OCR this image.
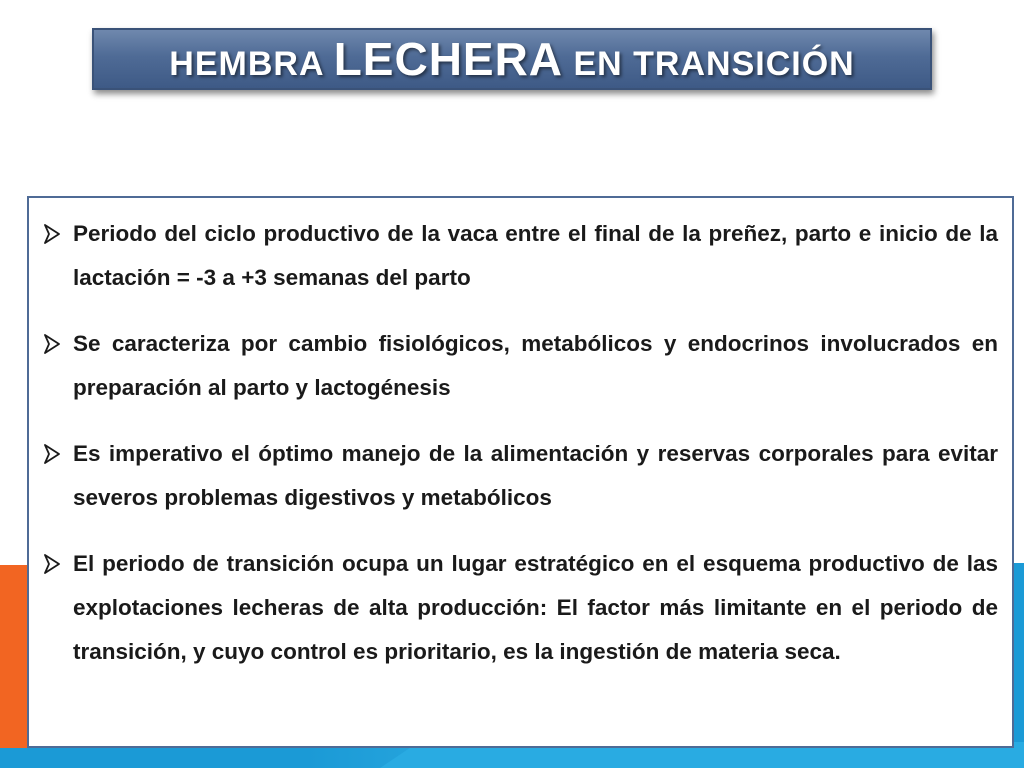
HEMBRA LECHERA EN TRANSICIÓN
Periodo del ciclo productivo de la vaca entre el final de la preñez, parto e inicio de la lactación = -3 a +3 semanas del parto
Se caracteriza por cambio fisiológicos, metabólicos y endocrinos involucrados en preparación al parto y lactogénesis
Es imperativo el óptimo manejo de la alimentación y reservas corporales para evitar severos problemas digestivos y metabólicos
El periodo de transición ocupa un lugar estratégico en el esquema productivo de las explotaciones lecheras de alta producción: El factor más limitante en el periodo de transición, y cuyo control es prioritario, es la ingestión de materia seca.
